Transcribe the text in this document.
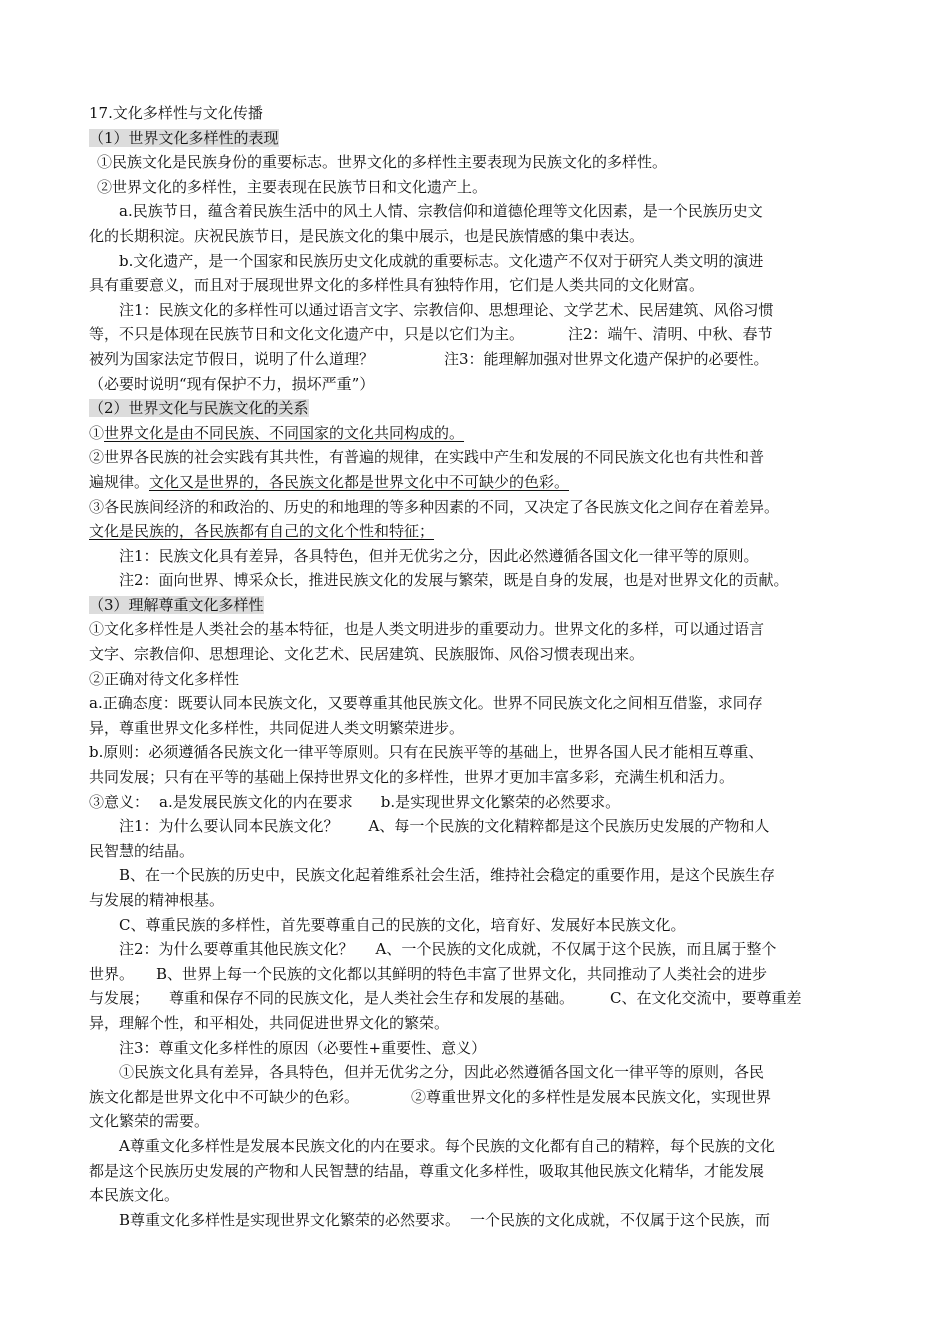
17.文化多样性与文化传播
（1）世界文化多样性的表现
①民族文化是民族身份的重要标志。世界文化的多样性主要表现为民族文化的多样性。
②世界文化的多样性，主要表现在民族节日和文化遗产上。
a.民族节日，蕴含着民族生活中的风土人情、宗教信仰和道德伦理等文化因素，是一个民族历史文
化的长期积淀。庆祝民族节日，是民族文化的集中展示，也是民族情感的集中表达。
b.文化遗产，是一个国家和民族历史文化成就的重要标志。文化遗产不仅对于研究人类文明的演进
具有重要意义，而且对于展现世界文化的多样性具有独特作用，它们是人类共同的文化财富。
注1：民族文化的多样性可以通过语言文字、宗教信仰、思想理论、文学艺术、民居建筑、风俗习惯
等，不只是体现在民族节日和文化文化遗产中，只是以它们为主。	注2：端午、清明、中秋、春节
被列为国家法定节假日，说明了什么道理？	注3：能理解加强对世界文化遗产保护的必要性。
（必要时说明“现有保护不力，损坏严重”）
（2）世界文化与民族文化的关系
①世界文化是由不同民族、不同国家的文化共同构成的。
②世界各民族的社会实践有其共性，有普遍的规律，在实践中产生和发展的不同民族文化也有共性和普
遍规律。文化又是世界的，各民族文化都是世界文化中不可缺少的色彩。
③各民族间经济的和政治的、历史的和地理的等多种因素的不同，又决定了各民族文化之间存在着差异。
文化是民族的，各民族都有自己的文化个性和特征；
注1：民族文化具有差异，各具特色，但并无优劣之分，因此必然遵循各国文化一律平等的原则。
注2：面向世界、博采众长，推进民族文化的发展与繁荣，既是自身的发展，也是对世界文化的贡献。
（3）理解尊重文化多样性
①文化多样性是人类社会的基本特征，也是人类文明进步的重要动力。世界文化的多样，可以通过语言
文字、宗教信仰、思想理论、文化艺术、民居建筑、民族服饰、风俗习惯表现出来。
②正确对待文化多样性
a.正确态度：既要认同本民族文化，又要尊重其他民族文化。世界不同民族文化之间相互借鉴，求同存
异，尊重世界文化多样性，共同促进人类文明繁荣进步。
b.原则：必须遵循各民族文化一律平等原则。只有在民族平等的基础上，世界各国人民才能相互尊重、
共同发展；只有在平等的基础上保持世界文化的多样性，世界才更加丰富多彩，充满生机和活力。
③意义： a.是发展民族文化的内在要求 b.是实现世界文化繁荣的必然要求。
注1：为什么要认同本民族文化？ A、每一个民族的文化精粹都是这个民族历史发展的产物和人
民智慧的结晶。
B、在一个民族的历史中，民族文化起着维系社会生活，维持社会稳定的重要作用，是这个民族生存
与发展的精神根基。
C、尊重民族的多样性，首先要尊重自己的民族的文化，培育好、发展好本民族文化。
注2：为什么要尊重其他民族文化？ A、一个民族的文化成就，不仅属于这个民族，而且属于整个
世界。 B、世界上每一个民族的文化都以其鲜明的特色丰富了世界文化，共同推动了人类社会的进步
与发展； 尊重和保存不同的民族文化，是人类社会生存和发展的基础。 C、在文化交流中，要尊重差
异，理解个性，和平相处，共同促进世界文化的繁荣。
注3：尊重文化多样性的原因（必要性+重要性、意义）
①民族文化具有差异，各具特色，但并无优劣之分，因此必然遵循各国文化一律平等的原则，各民
族文化都是世界文化中不可缺少的色彩。	②尊重世界文化的多样性是发展本民族文化，实现世界
文化繁荣的需要。
A尊重文化多样性是发展本民族文化的内在要求。每个民族的文化都有自己的精粹，每个民族的文化
都是这个民族历史发展的产物和人民智慧的结晶，尊重文化多样性，吸取其他民族文化精华，才能发展
本民族文化。
B尊重文化多样性是实现世界文化繁荣的必然要求。 一个民族的文化成就，不仅属于这个民族，而
